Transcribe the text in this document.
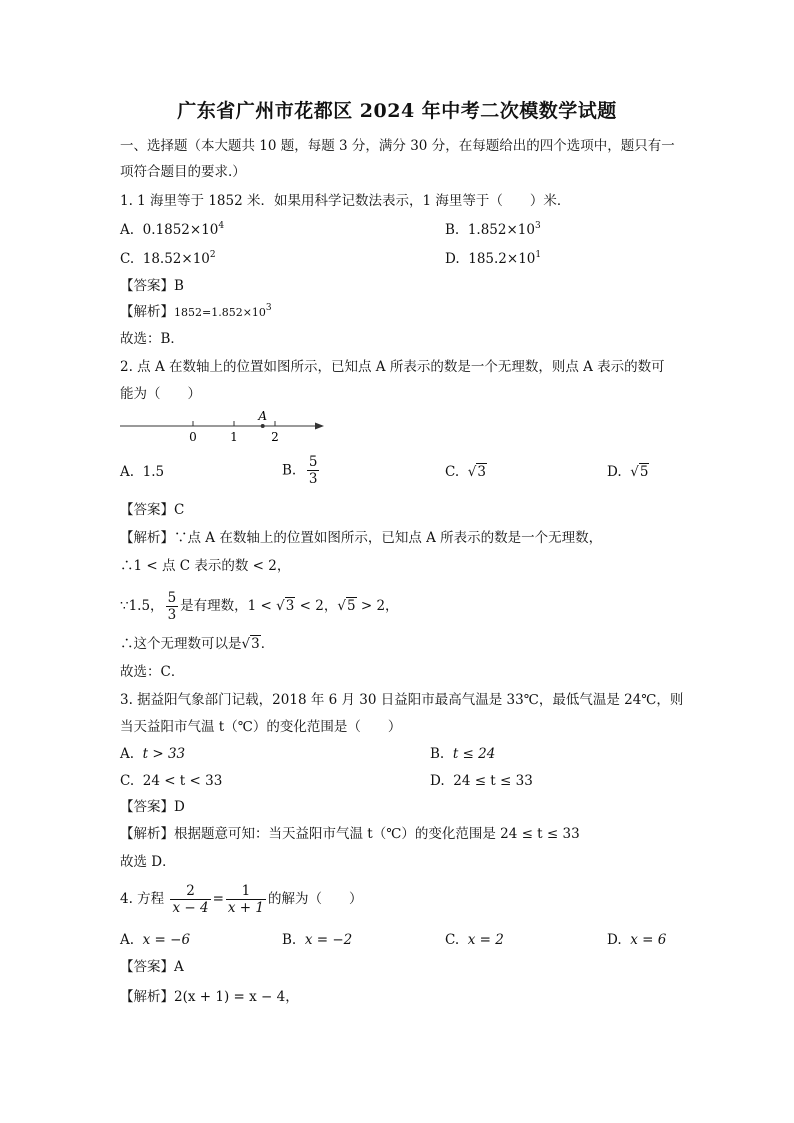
广东省广州市花都区 2024 年中考二次模数学试题
一、选择题（本大题共 10 题，每题 3 分，满分 30 分，在每题给出的四个选项中，题只有一
项符合题目的要求.）
1. 1 海里等于 1852 米．如果用科学记数法表示，1 海里等于（　　）米．
A. $0.1852\times 10^4$	B. $1.852\times 10^3$
C. $18.52\times 10^2$	D. $185.2\times 10^1$
【答案】B
【解析】$1852=1.852\times 10^3$
故选：B．
2. 点 A 在数轴上的位置如图所示，已知点 A 所表示的数是一个无理数，则点 A 表示的数可
能为（　　）
0	1	2
A
A. 1.5	B. $\frac{5}{3}$	C. √3	D. √5
【答案】C
【解析】∵点 A 在数轴上的位置如图所示，已知点 A 所表示的数是一个无理数，
∴1 < 点 C 表示的数 < 2，
∵1.5， $\frac{5}{3}$ 是有理数，1 < √3 < 2，√5 > 2，
∴这个无理数可以是√3．
故选：C．
3. 据益阳气象部门记载，2018 年 6 月 30 日益阳市最高气温是 33℃，最低气温是 24℃，则
当天益阳市气温 t（℃）的变化范围是（　　）
A. t > 33	B. t ≤ 24
C. 24 < t < 33	D. 24 ≤ t ≤ 33
【答案】D
【解析】根据题意可知：当天益阳市气温 t（℃）的变化范围是 24 ≤ t ≤ 33
故选 D．
4. 方程 $\frac{2}{x - 4} = \frac{1}{x + 1}$ 的解为（　　）
A. x = −6	B. x = −2	C. x = 2	D. x = 6
【答案】A
【解析】2(x + 1) = x − 4，
